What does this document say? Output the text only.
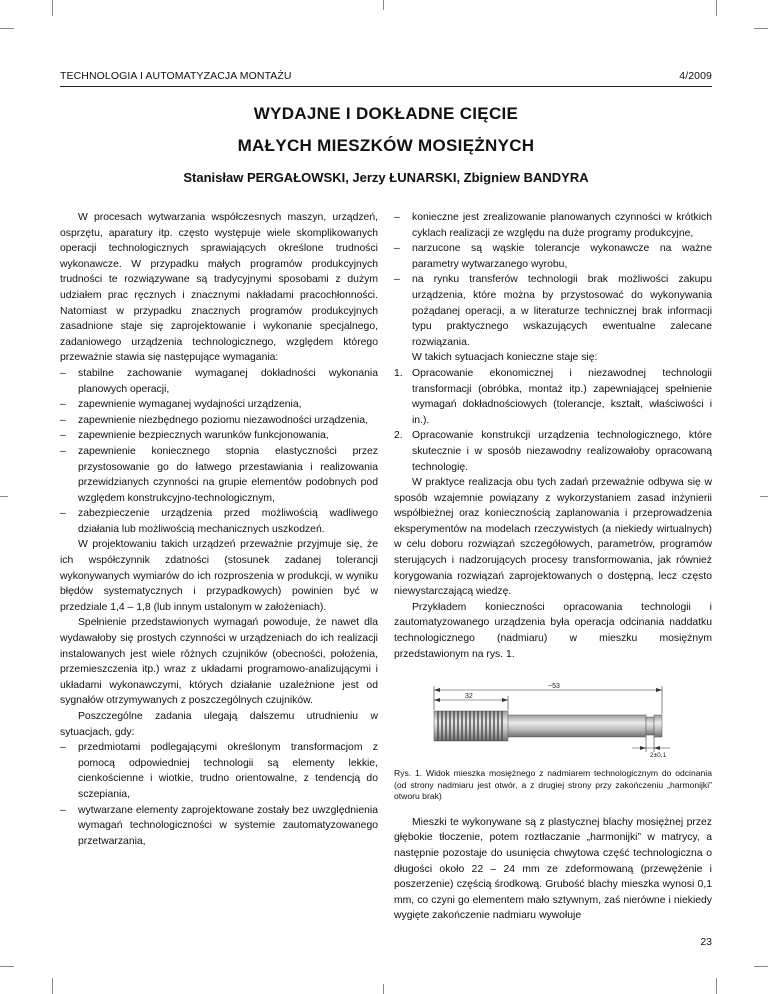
TECHNOLOGIA I AUTOMATYZACJA MONTAŻU	4/2009
WYDAJNE I DOKŁADNE CIĘCIE
MAŁYCH MIESZKÓW MOSIĘŻNYCH
Stanisław PERGAŁOWSKI, Jerzy ŁUNARSKI, Zbigniew BANDYRA

W procesach wytwarzania współczesnych maszyn, urządzeń, osprzętu, aparatury itp. często występuje wiele skomplikowanych operacji technologicznych sprawiających określone trudności wykonawcze. W przypadku małych programów produkcyjnych trudności te rozwiązywane są tradycyjnymi sposobami z dużym udziałem prac ręcznych i znacznymi nakładami pracochłonności. Natomiast w przypadku znacznych programów produkcyjnych zasadnione staje się zaprojektowanie i wykonanie specjalnego, zadaniowego urządzenia technologicznego, względem którego przeważnie stawia się następujące wymagania:

–	stabilne zachowanie wymaganej dokładności wykonania planowych operacji,
–	zapewnienie wymaganej wydajności urządzenia,
–	zapewnienie niezbędnego poziomu niezawodności urządzenia,
–	zapewnienie bezpiecznych warunków funkcjonowania,
–	zapewnienie koniecznego stopnia elastyczności przez przystosowanie go do łatwego przestawiania i realizowania przewidzianych czynności na grupie elementów podobnych pod względem konstrukcyjno-technologicznym,
–	zabezpieczenie urządzenia przed możliwością wadliwego działania lub możliwością mechanicznych uszkodzeń.

W projektowaniu takich urządzeń przeważnie przyjmuje się, że ich współczynnik zdatności (stosunek zadanej tolerancji wykonywanych wymiarów do ich rozproszenia w produkcji, w wyniku błędów systematycznych i przypadkowych) powinien być w przedziale 1,4 – 1,8 (lub innym ustalonym w założeniach).

Spełnienie przedstawionych wymagań powoduje, że nawet dla wydawałoby się prostych czynności w urządzeniach do ich realizacji instalowanych jest wiele różnych czujników (obecności, położenia, przemieszczenia itp.) wraz z układami programowo-analizującymi i układami wykonawczymi, których działanie uzależnione jest od sygnałów otrzymywanych z poszczególnych czujników.

Poszczególne zadania ulegają dalszemu utrudnieniu w sytuacjach, gdy:

–	przedmiotami podlegającymi określonym transformacjom z pomocą odpowiedniej technologii są elementy lekkie, cienkościenne i wiotkie, trudno orientowalne, z tendencją do sczepiania,
–	wytwarzane elementy zaprojektowane zostały bez uwzględnienia wymagań technologiczności w systemie zautomatyzowanego przetwarzania,
–	konieczne jest zrealizowanie planowanych czynności w krótkich cyklach realizacji ze względu na duże programy produkcyjne,
–	narzucone są wąskie tolerancje wykonawcze na ważne parametry wytwarzanego wyrobu,
–	na rynku transferów technologii brak możliwości zakupu urządzenia, które można by przystosować do wykonywania pożądanej operacji, a w literaturze technicznej brak informacji typu praktycznego wskazujących ewentualne zalecane rozwiązania.

W takich sytuacjach konieczne staje się:

1. Opracowanie ekonomicznej i niezawodnej technologii transformacji (obróbka, montaż itp.) zapewniającej spełnienie wymagań dokładnościowych (tolerancje, kształt, właściwości i in.).
2. Opracowanie konstrukcji urządzenia technologicznego, które skutecznie i w sposób niezawodny realizowałoby opracowaną technologię.

W praktyce realizacja obu tych zadań przeważnie odbywa się w sposób wzajemnie powiązany z wykorzystaniem zasad inżynierii współbieżnej oraz koniecznością zaplanowania i przeprowadzenia eksperymentów na modelach rzeczywistych (a niekiedy wirtualnych) w celu doboru rozwiązań szczegółowych, parametrów, programów sterujących i nadzorujących procesy transformowania, jak również korygowania rozwiązań zaprojektowanych o dostępną, lecz często niewystarczającą wiedzę.

Przykładem konieczności opracowania technologii i zautomatyzowanego urządzenia była operacja odcinania naddatku technologicznego (nadmiaru) w mieszku mosiężnym przedstawionym na rys. 1.

~53
32
2±0,1
Rys. 1. Widok mieszka mosiężnego z nadmiarem technologicznym do odcinania (od strony nadmiaru jest otwór, a z drugiej strony przy zakończeniu „harmonijki” otworu brak)

Mieszki te wykonywane są z plastycznej blachy mosiężnej przez głębokie tłoczenie, potem roztłaczanie „harmonijki” w matrycy, a następnie pozostaje do usunięcia chwytowa część technologiczna o długości około 22 – 24 mm ze zdeformowaną (przewężenie i poszerzenie) częścią środkową. Grubość blachy mieszka wynosi 0,1 mm, co czyni go elementem mało sztywnym, zaś nierówne i niekiedy wygięte zakończenie nadmiaru wywołuje

23
